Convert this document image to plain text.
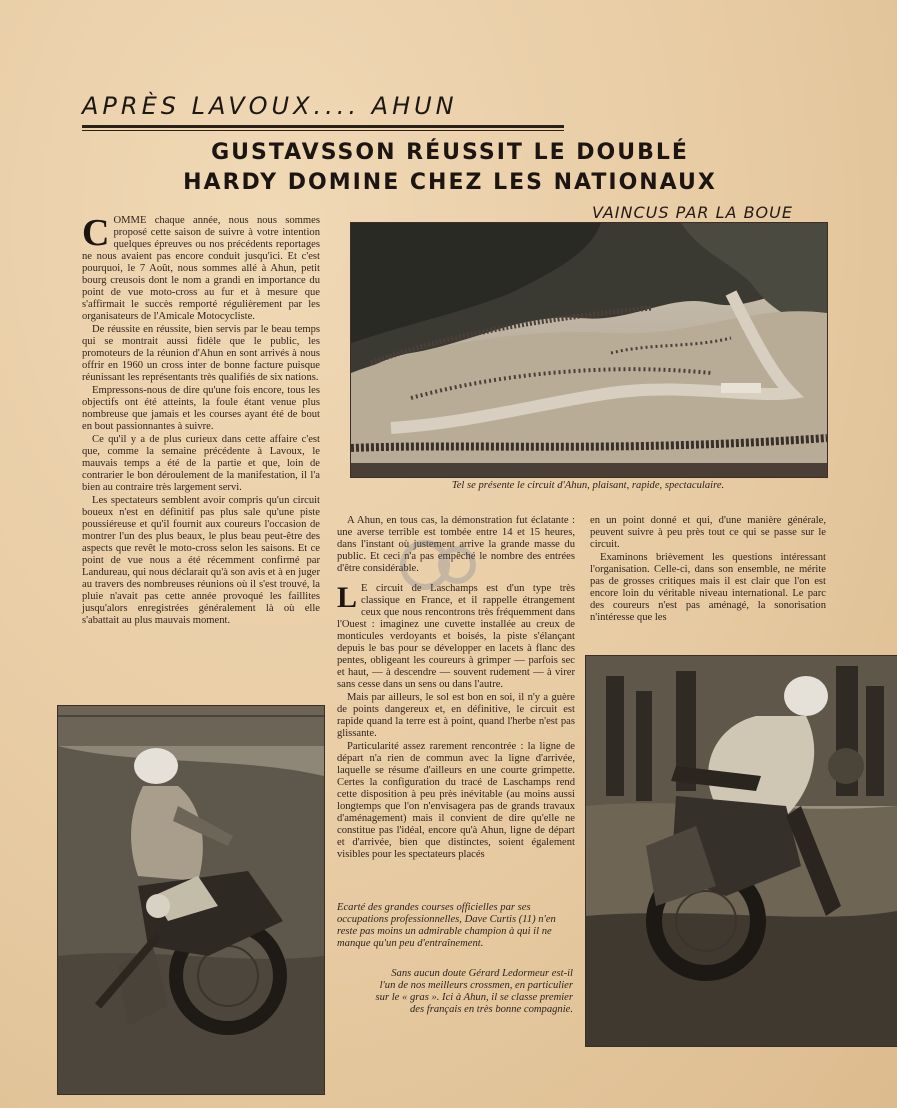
APRÈS LAVOUX.... AHUN
GUSTAVSSON RÉUSSIT LE DOUBLÉ
HARDY DOMINE CHEZ LES NATIONAUX
VAINCUS PAR LA BOUE

COMME chaque année, nous nous sommes proposé cette saison de suivre à votre intention quelques épreuves ou nos précédents reportages ne nous avaient pas encore conduit jusqu'ici. Et c'est pourquoi, le 7 Août, nous sommes allé à Ahun, petit bourg creusois dont le nom a grandi en importance du point de vue moto-cross au fur et à mesure que s'affirmait le succès remporté régulièrement par les organisateurs de l'Amicale Motocycliste.

De réussite en réussite, bien servis par le beau temps qui se montrait aussi fidèle que le public, les promoteurs de la réunion d'Ahun en sont arrivés à nous offrir en 1960 un cross inter de bonne facture puisque réunissant les représentants très qualifiés de six nations.

Empressons-nous de dire qu'une fois encore, tous les objectifs ont été atteints, la foule étant venue plus nombreuse que jamais et les courses ayant été de bout en bout passionnantes à suivre.

Ce qu'il y a de plus curieux dans cette affaire c'est que, comme la semaine précédente à Lavoux, le mauvais temps a été de la partie et que, loin de contrarier le bon déroulement de la manifestation, il l'a bien au contraire très largement servi.

Les spectateurs semblent avoir compris qu'un circuit boueux n'est en définitif pas plus sale qu'une piste poussiéreuse et qu'il fournit aux coureurs l'occasion de montrer l'un des plus beaux, le plus beau peut-être des aspects que revêt le moto-cross selon les saisons. Et ce point de vue nous a été récemment confirmé par Landureau, qui nous déclarait qu'à son avis et à en juger au travers des nombreuses réunions où il s'est trouvé, la pluie n'avait pas cette année provoqué les faillites jusqu'alors enregistrées généralement là où elle s'abattait au plus mauvais moment.

Tel se présente le circuit d'Ahun, plaisant, rapide, spectaculaire.

A Ahun, en tous cas, la démonstration fut éclatante : une averse terrible est tombée entre 14 et 15 heures, dans l'instant où justement arrive la grande masse du public. Et ceci n'a pas empêché le nombre des entrées d'être considérable.

L E circuit de Laschamps est d'un type très classique en France, et il rappelle étrangement ceux que nous rencontrons très fréquemment dans l'Ouest : imaginez une cuvette installée au creux de monticules verdoyants et boisés, la piste s'élançant depuis le bas pour se développer en lacets à flanc des pentes, obligeant les coureurs à grimper — parfois sec et haut, — à descendre — souvent rudement — à virer sans cesse dans un sens ou dans l'autre.

Mais par ailleurs, le sol est bon en soi, il n'y a guère de points dangereux et, en définitive, le circuit est rapide quand la terre est à point, quand l'herbe n'est pas glissante.

Particularité assez rarement rencontrée : la ligne de départ n'a rien de commun avec la ligne d'arrivée, laquelle se résume d'ailleurs en une courte grimpette. Certes la configuration du tracé de Laschamps rend cette disposition à peu près inévitable (au moins aussi longtemps que l'on n'envisagera pas de grands travaux d'aménagement) mais il convient de dire qu'elle ne constitue pas l'idéal, encore qu'à Ahun, ligne de départ et d'arrivée, bien que distinctes, soient également visibles pour les spectateurs placés

en un point donné et qui, d'une manière générale, peuvent suivre à peu près tout ce qui se passe sur le circuit.

Examinons brièvement les questions intéressant l'organisation. Celle-ci, dans son ensemble, ne mérite pas de grosses critiques mais il est clair que l'on est encore loin du véritable niveau international. Le parc des coureurs n'est pas aménagé, la sonorisation n'intéresse que les

Ecarté des grandes courses officielles par ses occupations professionnelles, Dave Curtis (11) n'en reste pas moins un admirable champion à qui il ne manque qu'un peu d'entraînement.
Sans aucun doute Gérard Ledormeur est-il l'un de nos meilleurs crossmen, en particulier sur le « gras ». Ici à Ahun, il se classe premier des français en très bonne compagnie.
